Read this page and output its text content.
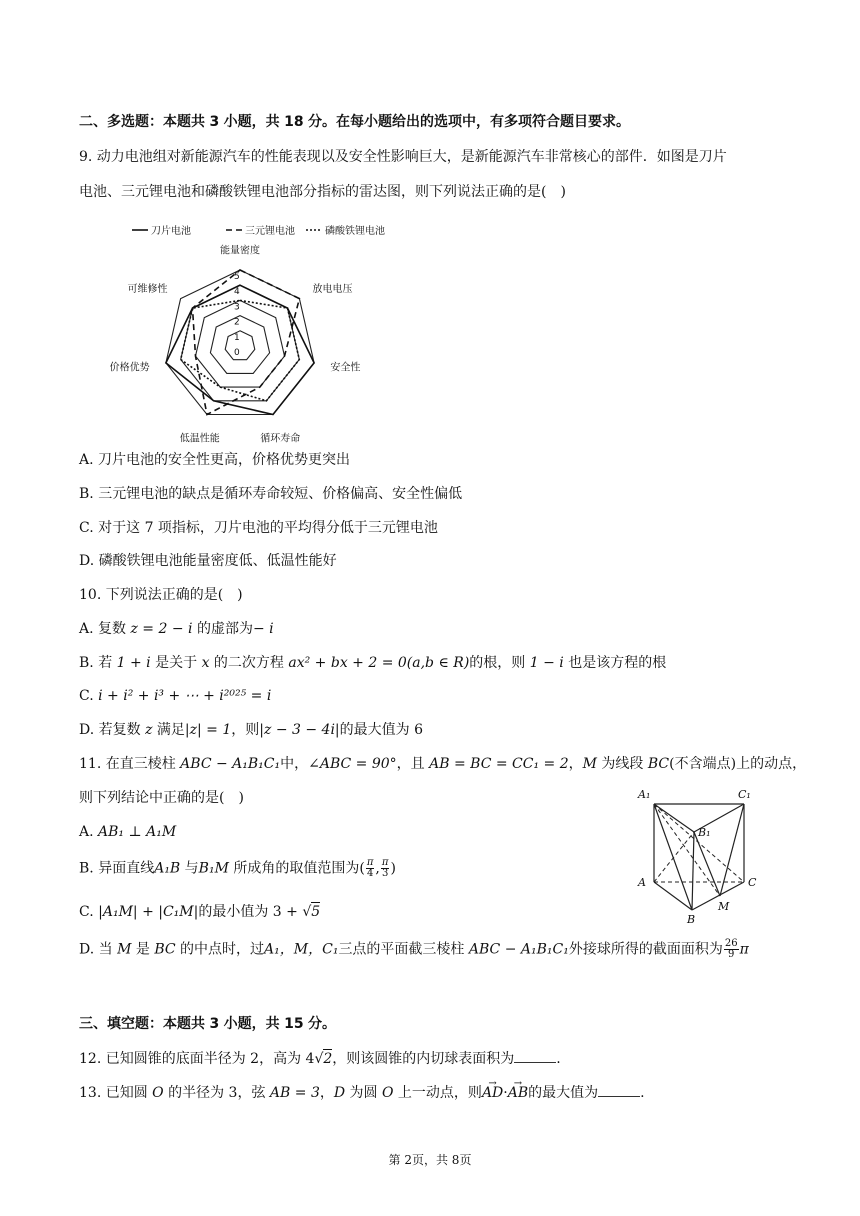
二、多选题：本题共 3 小题，共 18 分。在每小题给出的选项中，有多项符合题目要求。
9. 动力电池组对新能源汽车的性能表现以及安全性影响巨大，是新能源汽车非常核心的部件．如图是刀片
电池、三元锂电池和磷酸铁锂电池部分指标的雷达图，则下列说法正确的是(　)
刀片电池	三元锂电池	磷酸铁锂电池
5
4
3
2
1
0
能量密度
放电电压
安全性
循环寿命
低温性能
价格优势
可维修性
A. 刀片电池的安全性更高，价格优势更突出
B. 三元锂电池的缺点是循环寿命较短、价格偏高、安全性偏低
C. 对于这 7 项指标，刀片电池的平均得分低于三元锂电池
D. 磷酸铁锂电池能量密度低、低温性能好
10. 下列说法正确的是(　)
A. 复数 z = 2 − i 的虚部为− i
B. 若 1 + i 是关于 x 的二次方程 ax² + bx + 2 = 0(a,b ∈ R)的根，则 1 − i 也是该方程的根
C. i + i² + i³ + ⋯ + i²⁰²⁵ = i
D. 若复数 z 满足|z| = 1，则|z − 3 − 4i|的最大值为 6
11. 在直三棱柱 ABC − A₁B₁C₁中，∠ABC = 90°，且 AB = BC = CC₁ = 2，M 为线段 BC(不含端点)上的动点，
则下列结论中正确的是(　)
A. AB₁ ⊥ A₁M
B. 异面直线A₁B 与B₁M 所成角的取值范围为( $\frac{\pi}{4}$ , $\frac{\pi}{3}$ )
C. |A₁M| + |C₁M|的最小值为 3 + √5
D. 当 M 是 BC 的中点时，过A₁，M，C₁三点的平面截三棱柱 ABC − A₁B₁C₁外接球所得的截面面积为 $\frac{26}{9}$ π
A₁	C₁
B₁
A	C
B
M
三、填空题：本题共 3 小题，共 15 分。
12. 已知圆锥的底面半径为 2，高为 4√2，则该圆锥的内切球表面积为	.
13. 已知圆 O 的半径为 3，弦 AB = 3，D 为圆 O 上一动点，则→ AD·→ AB的最大值为	.
第 2页，共 8页
